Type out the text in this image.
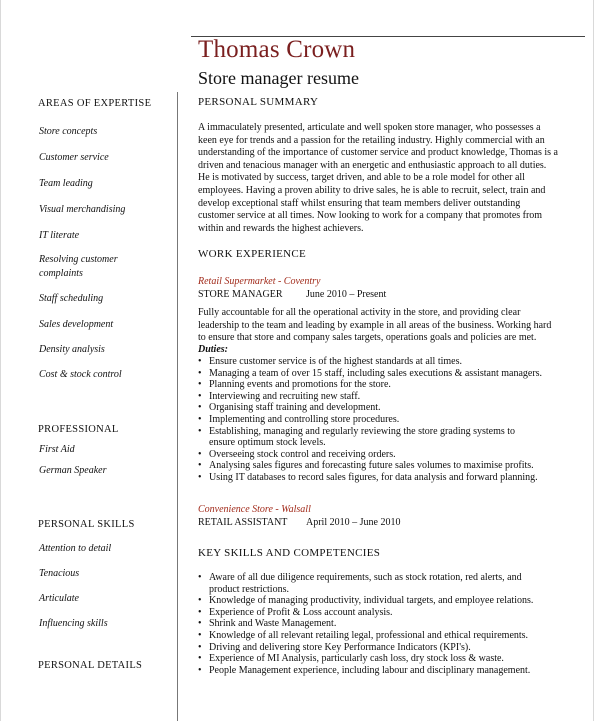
Thomas Crown
Store manager resume
AREAS OF EXPERTISE
Store concepts
Customer service
Team leading
Visual merchandising
IT literate
Resolving customer complaints
Staff scheduling
Sales development
Density analysis
Cost & stock control
PROFESSIONAL
First Aid
German Speaker
PERSONAL SKILLS
Attention to detail
Tenacious
Articulate
Influencing skills
PERSONAL DETAILS
PERSONAL SUMMARY
A immaculately presented, articulate and well spoken store manager, who possesses a keen eye for trends and a passion for the retailing industry. Highly commercial with an understanding of the importance of customer service and product knowledge, Thomas is a driven and tenacious manager with an energetic and enthusiastic approach to all duties. He is motivated by success, target driven, and able to be a role model for other all employees. Having a proven ability to drive sales, he is able to recruit, select, train and develop exceptional staff whilst ensuring that team members deliver outstanding customer service at all times. Now looking to work for a company that promotes from within and rewards the highest achievers.
WORK EXPERIENCE
Retail Supermarket - Coventry
STORE MANAGER June 2010 – Present
Fully accountable for all the operational activity in the store, and providing clear leadership to the team and leading by example in all areas of the business. Working hard to ensure that store and company sales targets, operations goals and policies are met.
Duties:
• Ensure customer service is of the highest standards at all times.
• Managing a team of over 15 staff, including sales executions & assistant managers.
• Planning events and promotions for the store.
• Interviewing and recruiting new staff.
• Organising staff training and development.
• Implementing and controlling store procedures.
• Establishing, managing and regularly reviewing the store grading systems to ensure optimum stock levels.
• Overseeing stock control and receiving orders.
• Analysing sales figures and forecasting future sales volumes to maximise profits.
• Using IT databases to record sales figures, for data analysis and forward planning.
Convenience Store - Walsall
RETAIL ASSISTANT April 2010 – June 2010
KEY SKILLS AND COMPETENCIES
• Aware of all due diligence requirements, such as stock rotation, red alerts, and product restrictions.
• Knowledge of managing productivity, individual targets, and employee relations.
• Experience of Profit & Loss account analysis.
• Shrink and Waste Management.
• Knowledge of all relevant retailing legal, professional and ethical requirements.
• Driving and delivering store Key Performance Indicators (KPI's).
• Experience of MI Analysis, particularly cash loss, dry stock loss & waste.
• People Management experience, including labour and disciplinary management.
